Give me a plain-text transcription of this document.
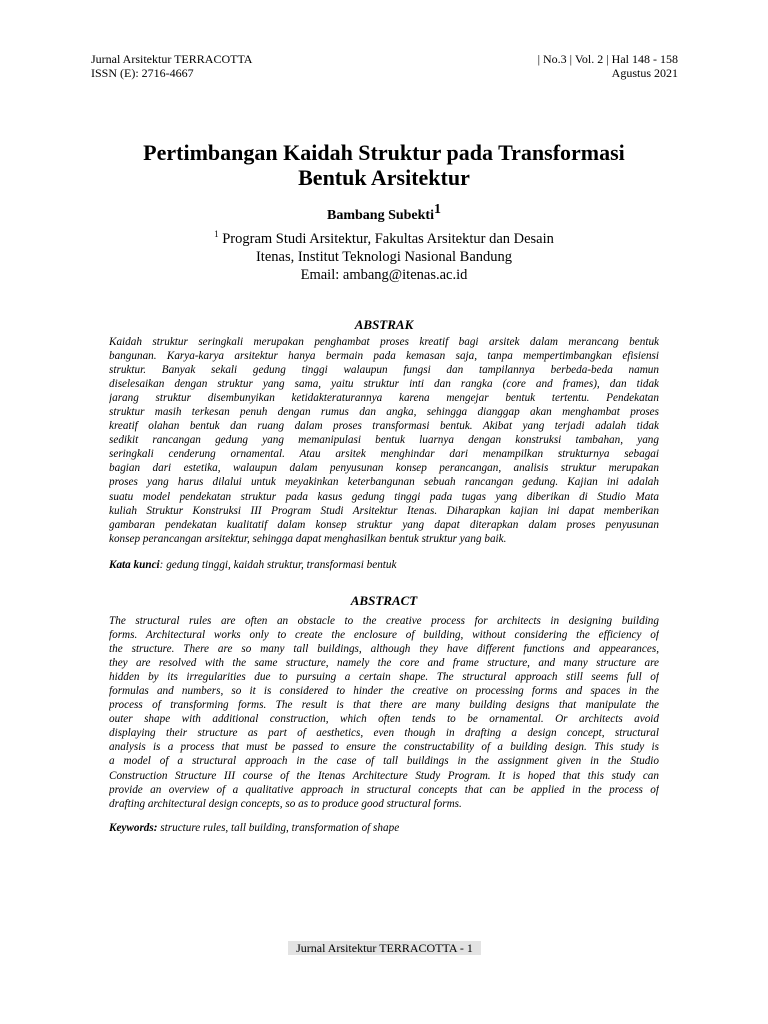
Jurnal Arsitektur TERRACOTTA
ISSN (E): 2716-4667
| No.3 | Vol. 2 | Hal 148 - 158
Agustus 2021
Pertimbangan Kaidah Struktur pada Transformasi
Bentuk Arsitektur
Bambang Subekti$^1$
$^1$ Program Studi Arsitektur, Fakultas Arsitektur dan Desain
Itenas, Institut Teknologi Nasional Bandung
Email: ambang@itenas.ac.id
ABSTRAK
Kaidah struktur seringkali merupakan penghambat proses kreatif bagi arsitek dalam merancang bentuk
bangunan. Karya-karya arsitektur hanya bermain pada kemasan saja, tanpa mempertimbangkan efisiensi
struktur. Banyak sekali gedung tinggi walaupun fungsi dan tampilannya berbeda-beda namun
diselesaikan dengan struktur yang sama, yaitu struktur inti dan rangka (core and frames), dan tidak
jarang struktur disembunyikan ketidakteraturannya karena mengejar bentuk tertentu. Pendekatan
struktur masih terkesan penuh dengan rumus dan angka, sehingga dianggap akan menghambat proses
kreatif olahan bentuk dan ruang dalam proses transformasi bentuk. Akibat yang terjadi adalah tidak
sedikit rancangan gedung yang memanipulasi bentuk luarnya dengan konstruksi tambahan, yang
seringkali cenderung ornamental. Atau arsitek menghindar dari menampilkan strukturnya sebagai
bagian dari estetika, walaupun dalam penyusunan konsep perancangan, analisis struktur merupakan
proses yang harus dilalui untuk meyakinkan keterbangunan sebuah rancangan gedung. Kajian ini adalah
suatu model pendekatan struktur pada kasus gedung tinggi pada tugas yang diberikan di Studio Mata
kuliah Struktur Konstruksi III Program Studi Arsitektur Itenas. Diharapkan kajian ini dapat memberikan
gambaran pendekatan kualitatif dalam konsep struktur yang dapat diterapkan dalam proses penyusunan
konsep perancangan arsitektur, sehingga dapat menghasilkan bentuk struktur yang baik.
Kata kunci: gedung tinggi, kaidah struktur, transformasi bentuk
ABSTRACT
The structural rules are often an obstacle to the creative process for architects in designing building
forms. Architectural works only to create the enclosure of building, without considering the efficiency of
the structure. There are so many tall buildings, although they have different functions and appearances,
they are resolved with the same structure, namely the core and frame structure, and many structure are
hidden by its irregularities due to pursuing a certain shape. The structural approach still seems full of
formulas and numbers, so it is considered to hinder the creative on processing forms and spaces in the
process of transforming forms. The result is that there are many building designs that manipulate the
outer shape with additional construction, which often tends to be ornamental. Or architects avoid
displaying their structure as part of aesthetics, even though in drafting a design concept, structural
analysis is a process that must be passed to ensure the constructability of a building design. This study is
a model of a structural approach in the case of tall buildings in the assignment given in the Studio
Construction Structure III course of the Itenas Architecture Study Program. It is hoped that this study can
provide an overview of a qualitative approach in structural concepts that can be applied in the process of
drafting architectural design concepts, so as to produce good structural forms.
Keywords: structure rules, tall building, transformation of shape
Jurnal Arsitektur TERRACOTTA - 1
